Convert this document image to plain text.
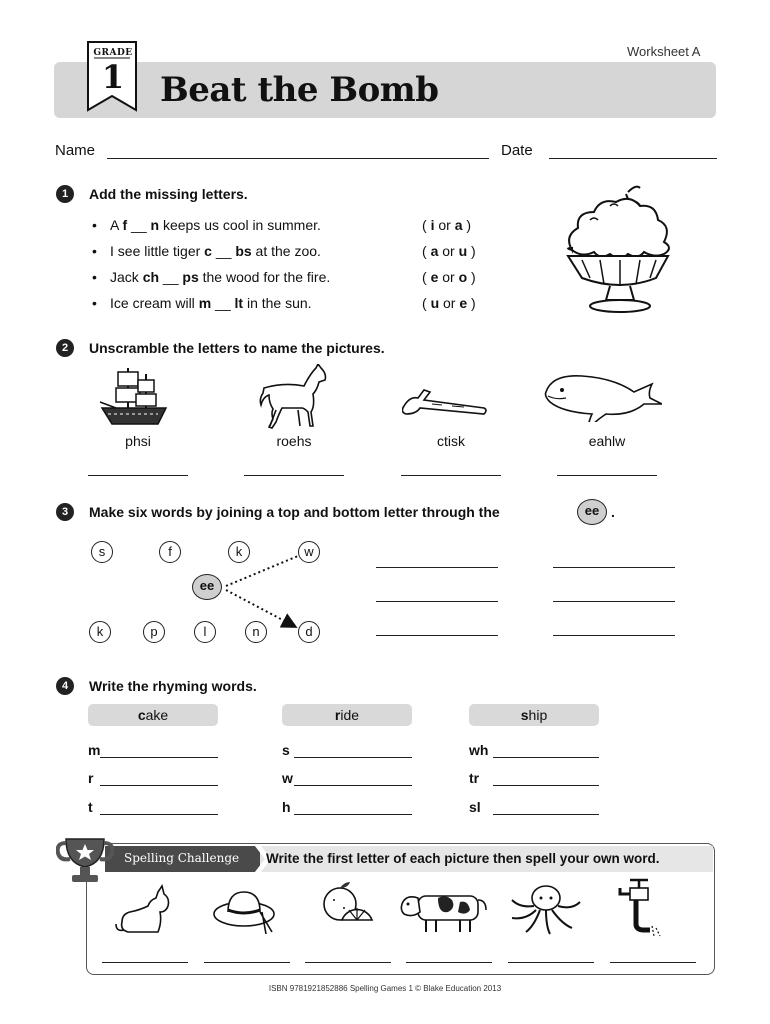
Worksheet A
GRADE
1	Beat the Bomb
Name	Date
1	Add the missing letters.
• A f __ n keeps us cool in summer.	( i or a )
• I see little tiger c __ bs at the zoo.	( a or u )
• Jack ch __ ps the wood for the fire.	( e or o )
• Ice cream will m __ lt in the sun.	( u or e )
2	Unscramble the letters to name the pictures.
phsi	roehs	ctisk	eahlw
3	Make six words by joining a top and bottom letter through the	ee .
s	f	k	w
ee
k	p	l	n	d
4	Write the rhyming words.
cake
m
r
t
ride
s
w
h
ship
wh
tr
sl
Spelling Challenge Write the first letter of each picture then spell your own word.
ISBN 9781921852886 Spelling Games 1 © Blake Education 2013
